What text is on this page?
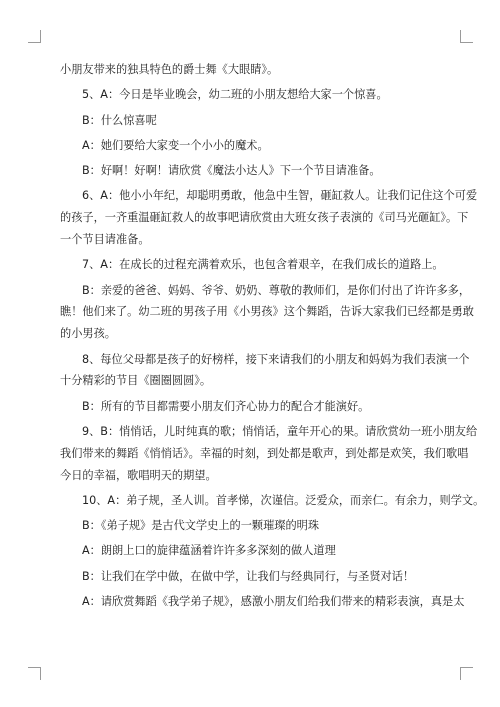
小朋友带来的独具特色的爵士舞《大眼睛》。
5、A：今日是毕业晚会，幼二班的小朋友想给大家一个惊喜。
B：什么惊喜呢
A：她们要给大家变一个小小的魔术。
B：好啊！好啊！请欣赏《魔法小达人》下一个节目请准备。
6、A：他小小年纪，却聪明勇敢，他急中生智，砸缸救人。让我们记住这个可爱
的孩子，一齐重温砸缸救人的故事吧请欣赏由大班女孩子表演的《司马光砸缸》。下
一个节目请准备。
7、A：在成长的过程充满着欢乐，也包含着艰辛，在我们成长的道路上。
B：亲爱的爸爸、妈妈、爷爷、奶奶、尊敬的教师们，是你们付出了许许多多，
瞧！他们来了。幼二班的男孩子用《小男孩》这个舞蹈，告诉大家我们已经都是勇敢
的小男孩。
8、每位父母都是孩子的好榜样，接下来请我们的小朋友和妈妈为我们表演一个
十分精彩的节目《圈圈圆圆》。
B：所有的节目都需要小朋友们齐心协力的配合才能演好。
9、B：悄悄话，儿时纯真的歌；悄悄话，童年开心的果。请欣赏幼一班小朋友给
我们带来的舞蹈《悄悄话》。幸福的时刻，到处都是歌声，到处都是欢笑，我们歌唱
今日的幸福，歌唱明天的期望。
10、A：弟子规，圣人训。首孝悌，次谨信。泛爱众，而亲仁。有余力，则学文。
B：《弟子规》是古代文学史上的一颗璀璨的明珠
A：朗朗上口的旋律蕴涵着许许多多深刻的做人道理
B：让我们在学中做，在做中学，让我们与经典同行，与圣贤对话！
A：请欣赏舞蹈《我学弟子规》，感激小朋友们给我们带来的精彩表演，真是太
